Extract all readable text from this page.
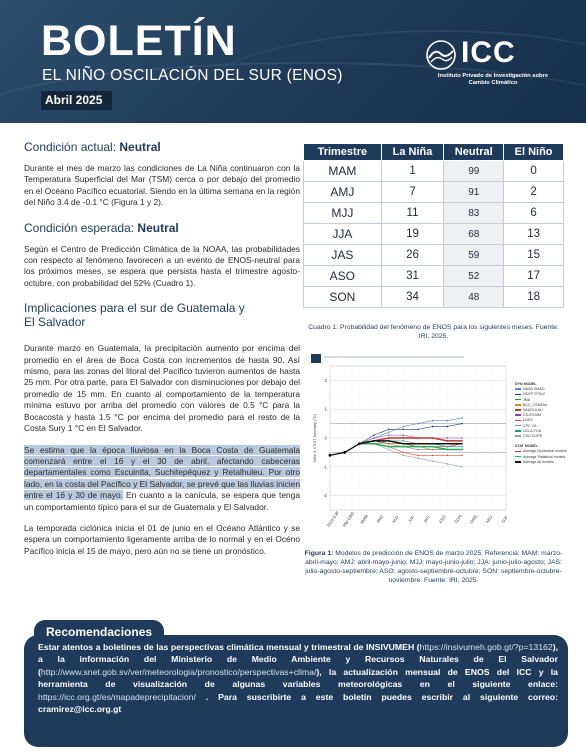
BOLETÍN
EL NIÑO OSCILACIÓN DEL SUR (ENOS)
Abril 2025
ICC
Instituto Privado de Investigación sobre Cambio Climático
Condición actual: Neutral
Durante el mes de marzo las condiciones de La Niña continuaron con la Temperatura Superficial del Mar (TSM) cerca o por debajo del promedio en el Océano Pacífico ecuatorial. Siendo en la última semana en la región del Niño 3.4 de -0.1 °C (Figura 1 y 2).
Condición esperada: Neutral
Según el Centro de Predicción Climática de la NOAA, las probabilidades con respecto al fenómeno favorecen a un evento de ENOS-neutral para los próximos meses, se espera que persista hasta el trimestre agosto-octubre, con probabilidad del 52% (Cuadro 1).
Implicaciones para el sur de Guatemala y
El Salvador
Durante marzo en Guatemala, la precipitación aumento por encima del promedio en el área de Boca Costa con incrementos de hasta 90. Así mismo, para las zonas del litoral del Pacifico tuvieron aumentos de hasta 25 mm. Por otra parte, para El Salvador con disminuciones por debajo del promedio de 15 mm. En cuanto al comportamiento de la temperatura mínima estuvo por arriba del promedio con valores de 0.5 °C para la Bocacosta y hasta 1.5 °C por encima del promedio para el resto de la Costa Sury 1 °C en El Salvador.
Se estima que la época lluviosa en la Boca Costa de Guatemala comenzará entre el 16 y el 30 de abril, afectando cabeceras departamentales como Escuintla, Suchitepéquez y Retalhuleu. Por otro lado, en la costa del Pacífico y El Salvador, se prevé que las lluvias inicien entre el 16 y 30 de mayo. En cuanto a la canícula, se espera que tenga un comportamiento típico para el sur de Guatemala y El Salvador.
La temporada ciclónica inicia el 01 de junio en el Océano Atlántico y se espera un comportamiento ligeramente arriba de lo normal y en el Océno Pacífico inicia el 15 de mayo, pero aún no se tiene un pronóstico.
Trimestre	La Niña	Neutral	El Niño
MAM	1	99	0
AMJ	7	91	2
MJJ	11	83	6
JJA	19	68	13
JAS	26	59	15
ASO	31	52	17
SON	34	48	18
Cuadro 1: Probabilidad del fenómeno de ENOS para los siguientes meses. Fuente: IRI, 2025.
-2
-1
0
1
2
Niño 3.4 SST Anomaly (°C)
2024 DJF Mar OBS MAM AMJ MJJ JJA JAS ASO SON OND NDJ DJF
DYN MODEL
NASA GMAO
NCEP CFSv2
JMA
BCC_CSM11m
SAUDI-KAU
CS-IRI-MM
LDEO
CPC CA
UCLA-TCD
CSU CLIPR
STAT MODEL
Average Dynamical models
Average Statistical models
Average All models
Figura 1: Modelos de predicción de ENOS de marzo 2025. Referencia: MAM: marzo-abril-mayo; AMJ: abril-mayo-junio; MJJ: mayo-junio-julio; JJA: junio-julio-agosto; JAS: julio-agosto-septiembre; ASO: agosto-septiembre-octubre; SON: septiembre-octubre-noviembre. Fuente: IRI, 2025.
Recomendaciones
Estar atentos a boletines de las perspectivas climática mensual y trimestral de INSIVUMEH (https://insivumeh.gob.gt/?p=13162), a la información del Ministerio de Medio Ambiente y Recursos Naturales de El Salvador (http://www.snet.gob.sv/ver/meteorologia/pronostico/perspectivas+clima/), la actualización mensual de ENOS del ICC y la herramienta de visualización de algunas variables meteorológicas en el siguiente enlace: https://icc.org.gt/es/mapadeprecipitacion/ . Para suscribirte a este boletín puedes escribir al siguiente correo: cramirez@icc.org.gt
